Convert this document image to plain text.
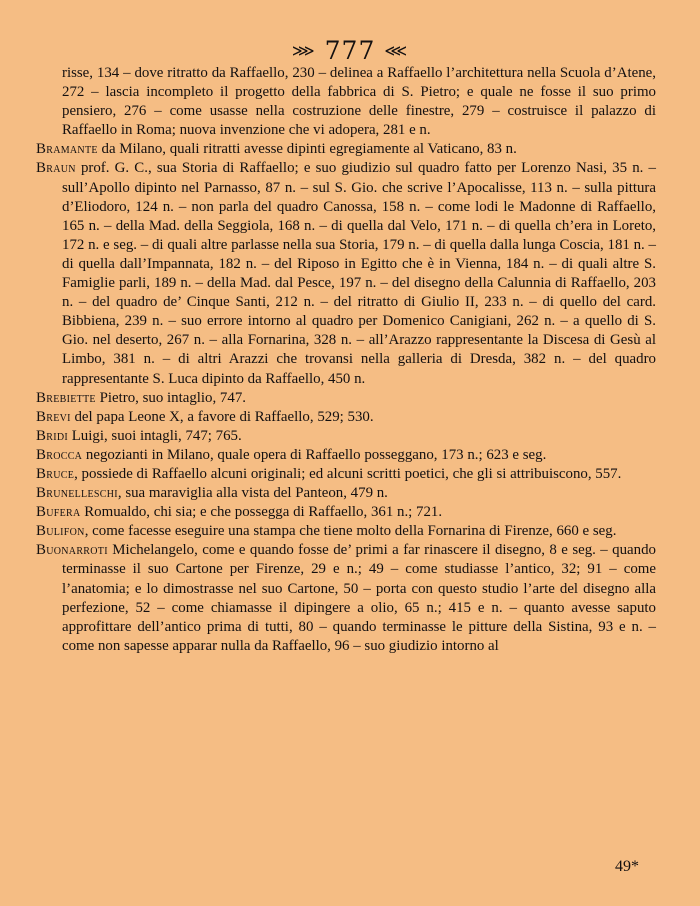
⋙ 777 ⋘

risse, 134 – dove ritratto da Raffaello, 230 – delinea a Raffaello l’architettura nella Scuola d’Atene, 272 – lascia incompleto il progetto della fabbrica di S. Pietro; e quale ne fosse il suo primo pensiero, 276 – come usasse nella costruzione delle finestre, 279 – costruisce il palazzo di Raffaello in Roma; nuova invenzione che vi adopera, 281 e n.

Bramante da Milano, quali ritratti avesse dipinti egregiamente al Vaticano, 83 n.

Braun prof. G. C., sua Storia di Raffaello; e suo giudizio sul quadro fatto per Lorenzo Nasi, 35 n. – sull’Apollo dipinto nel Parnasso, 87 n. – sul S. Gio. che scrive l’Apocalisse, 113 n. – sulla pittura d’Eliodoro, 124 n. – non parla del quadro Canossa, 158 n. – come lodi le Madonne di Raffaello, 165 n. – della Mad. della Seggiola, 168 n. – di quella dal Velo, 171 n. – di quella ch’era in Loreto, 172 n. e seg. – di quali altre parlasse nella sua Storia, 179 n. – di quella dalla lunga Coscia, 181 n. – di quella dall’Impannata, 182 n. – del Riposo in Egitto che è in Vienna, 184 n. – di quali altre S. Famiglie parli, 189 n. – della Mad. dal Pesce, 197 n. – del disegno della Calunnia di Raffaello, 203 n. – del quadro de’ Cinque Santi, 212 n. – del ritratto di Giulio II, 233 n. – di quello del card. Bibbiena, 239 n. – suo errore intorno al quadro per Domenico Canigiani, 262 n. – a quello di S. Gio. nel deserto, 267 n. – alla Fornarina, 328 n. – all’Arazzo rappresentante la Discesa di Gesù al Limbo, 381 n. – di altri Arazzi che trovansi nella galleria di Dresda, 382 n. – del quadro rappresentante S. Luca dipinto da Raffaello, 450 n.

Brebiette Pietro, suo intaglio, 747.

Brevi del papa Leone X, a favore di Raffaello, 529; 530.

Bridi Luigi, suoi intagli, 747; 765.

Brocca negozianti in Milano, quale opera di Raffaello posseggano, 173 n.; 623 e seg.

Bruce, possiede di Raffaello alcuni originali; ed alcuni scritti poetici, che gli si attribuiscono, 557.

Brunelleschi, sua maraviglia alla vista del Panteon, 479 n.

Bufera Romualdo, chi sia; e che possegga di Raffaello, 361 n.; 721.

Bulifon, come facesse eseguire una stampa che tiene molto della Fornarina di Firenze, 660 e seg.

Buonarroti Michelangelo, come e quando fosse de’ primi a far rinascere il disegno, 8 e seg. – quando terminasse il suo Cartone per Firenze, 29 e n.; 49 – come studiasse l’antico, 32; 91 – come l’anatomia; e lo dimostrasse nel suo Cartone, 50 – porta con questo studio l’arte del disegno alla perfezione, 52 – come chiamasse il dipingere a olio, 65 n.; 415 e n. – quanto avesse saputo approfittare dell’antico prima di tutti, 80 – quando terminasse le pitture della Sistina, 93 e n. – come non sapesse apparar nulla da Raffaello, 96 – suo giudizio intorno al

49*
